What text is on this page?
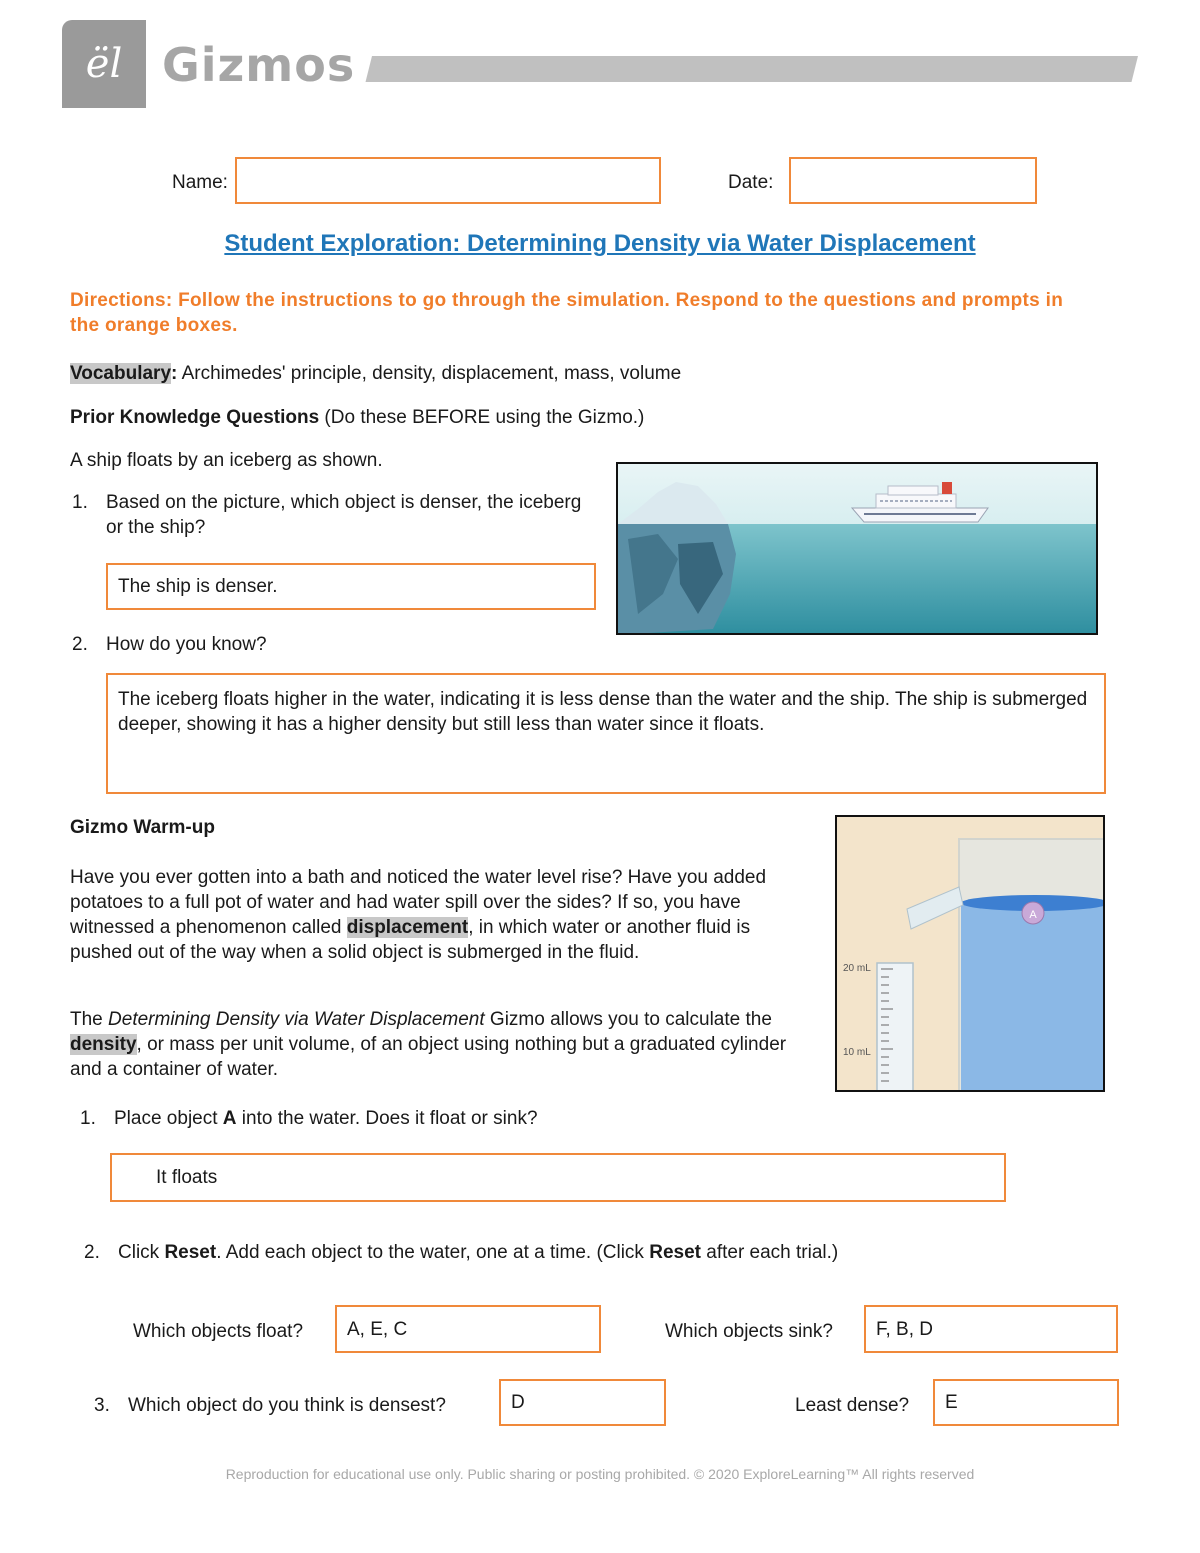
ël Gizmos
Name:	Date:
Student Exploration: Determining Density via Water Displacement
Directions: Follow the instructions to go through the simulation. Respond to the questions and prompts in the orange boxes.
Vocabulary: Archimedes' principle, density, displacement, mass, volume
Prior Knowledge Questions (Do these BEFORE using the Gizmo.)
A ship floats by an iceberg as shown.
1. Based on the picture, which object is denser, the iceberg or the ship?
The ship is denser.
2. How do you know?
The iceberg floats higher in the water, indicating it is less dense than the water and the ship. The ship is submerged deeper, showing it has a higher density but still less than water since it floats.
Gizmo Warm-up
Have you ever gotten into a bath and noticed the water level rise? Have you added potatoes to a full pot of water and had water spill over the sides? If so, you have witnessed a phenomenon called displacement, in which water or another fluid is pushed out of the way when a solid object is submerged in the fluid.
The Determining Density via Water Displacement Gizmo allows you to calculate the density, or mass per unit volume, of an object using nothing but a graduated cylinder and a container of water.
A
20 mL
10 mL
1. Place object A into the water. Does it float or sink?
It floats
2. Click Reset. Add each object to the water, one at a time. (Click Reset after each trial.)
Which objects float?	A, E, C	Which objects sink?	F, B, D
3. Which object do you think is densest?	D	Least dense?	E
Reproduction for educational use only. Public sharing or posting prohibited. © 2020 ExploreLearning™ All rights reserved
